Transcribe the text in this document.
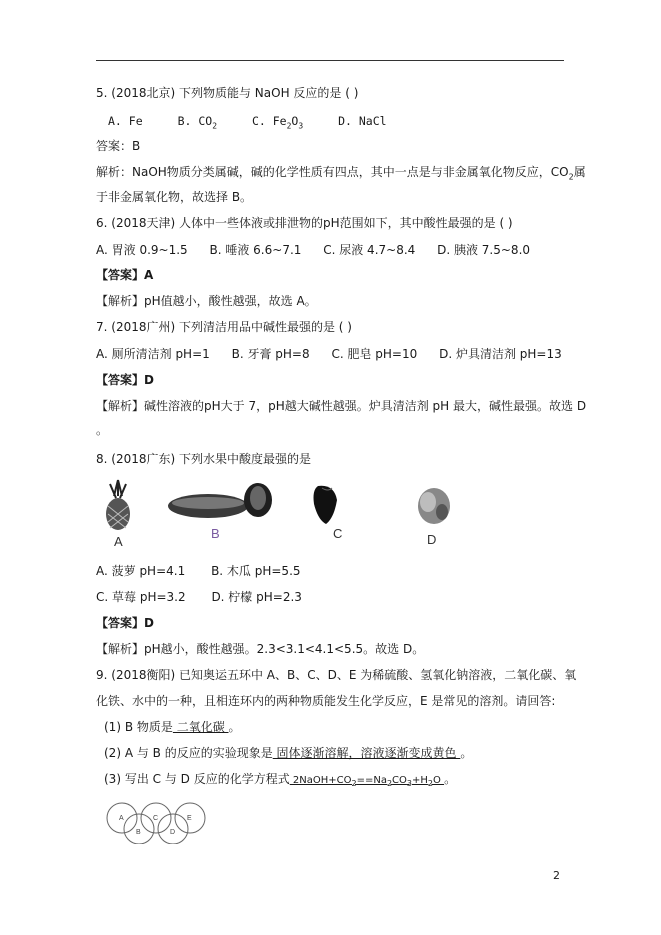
5. (2018北京) 下列物质能与 NaOH 反应的是 ( )
A. Fe	B. $CO_2$	C. $Fe_2O_3$	D. NaCl
答案：B
解析：NaOH物质分类属碱，碱的化学性质有四点，其中一点是与非金属氧化物反应，$CO_2$属
于非金属氧化物，故选择 B。
6. (2018天津) 人体中一些体液或排泄物的pH范围如下，其中酸性最强的是 ( )
A. 胃液 0.9~1.5 B. 唾液 6.6~7.1 C. 尿液 4.7~8.4 D. 胰液 7.5~8.0
【答案】A
【解析】pH值越小，酸性越强，故选 A。
7. (2018广州) 下列清洁用品中碱性最强的是 ( )
A. 厕所清洁剂 pH=1 B. 牙膏 pH=8 C. 肥皂 pH=10 D. 炉具清洁剂 pH=13
【答案】D
【解析】碱性溶液的pH大于 7，pH越大碱性越强。炉具清洁剂 pH 最大，碱性最强。故选 D
。
8. (2018广东) 下列水果中酸度最强的是
A
B	C	D
A. 菠萝 pH=4.1 B. 木瓜 pH=5.5
C. 草莓 pH=3.2 D. 柠檬 pH=2.3
【答案】D
【解析】pH越小，酸性越强。2.3<3.1<4.1<5.5。故选 D。
9. (2018衡阳) 已知奥运五环中 A、B、C、D、E 为稀硫酸、氢氧化钠溶液，二氧化碳、氧
化铁、水中的一种，且相连环内的两种物质能发生化学反应，E 是常见的溶剂。请回答:
(1) B 物质是 二氧化碳 。
(2) A 与 B 的反应的实验现象是 固体逐渐溶解，溶液逐渐变成黄色 。
(3) 写出 C 与 D 反应的化学方程式 $2NaOH+CO_2==Na_2CO_3+H_2O$ 。
A
B
C
D
E
2
